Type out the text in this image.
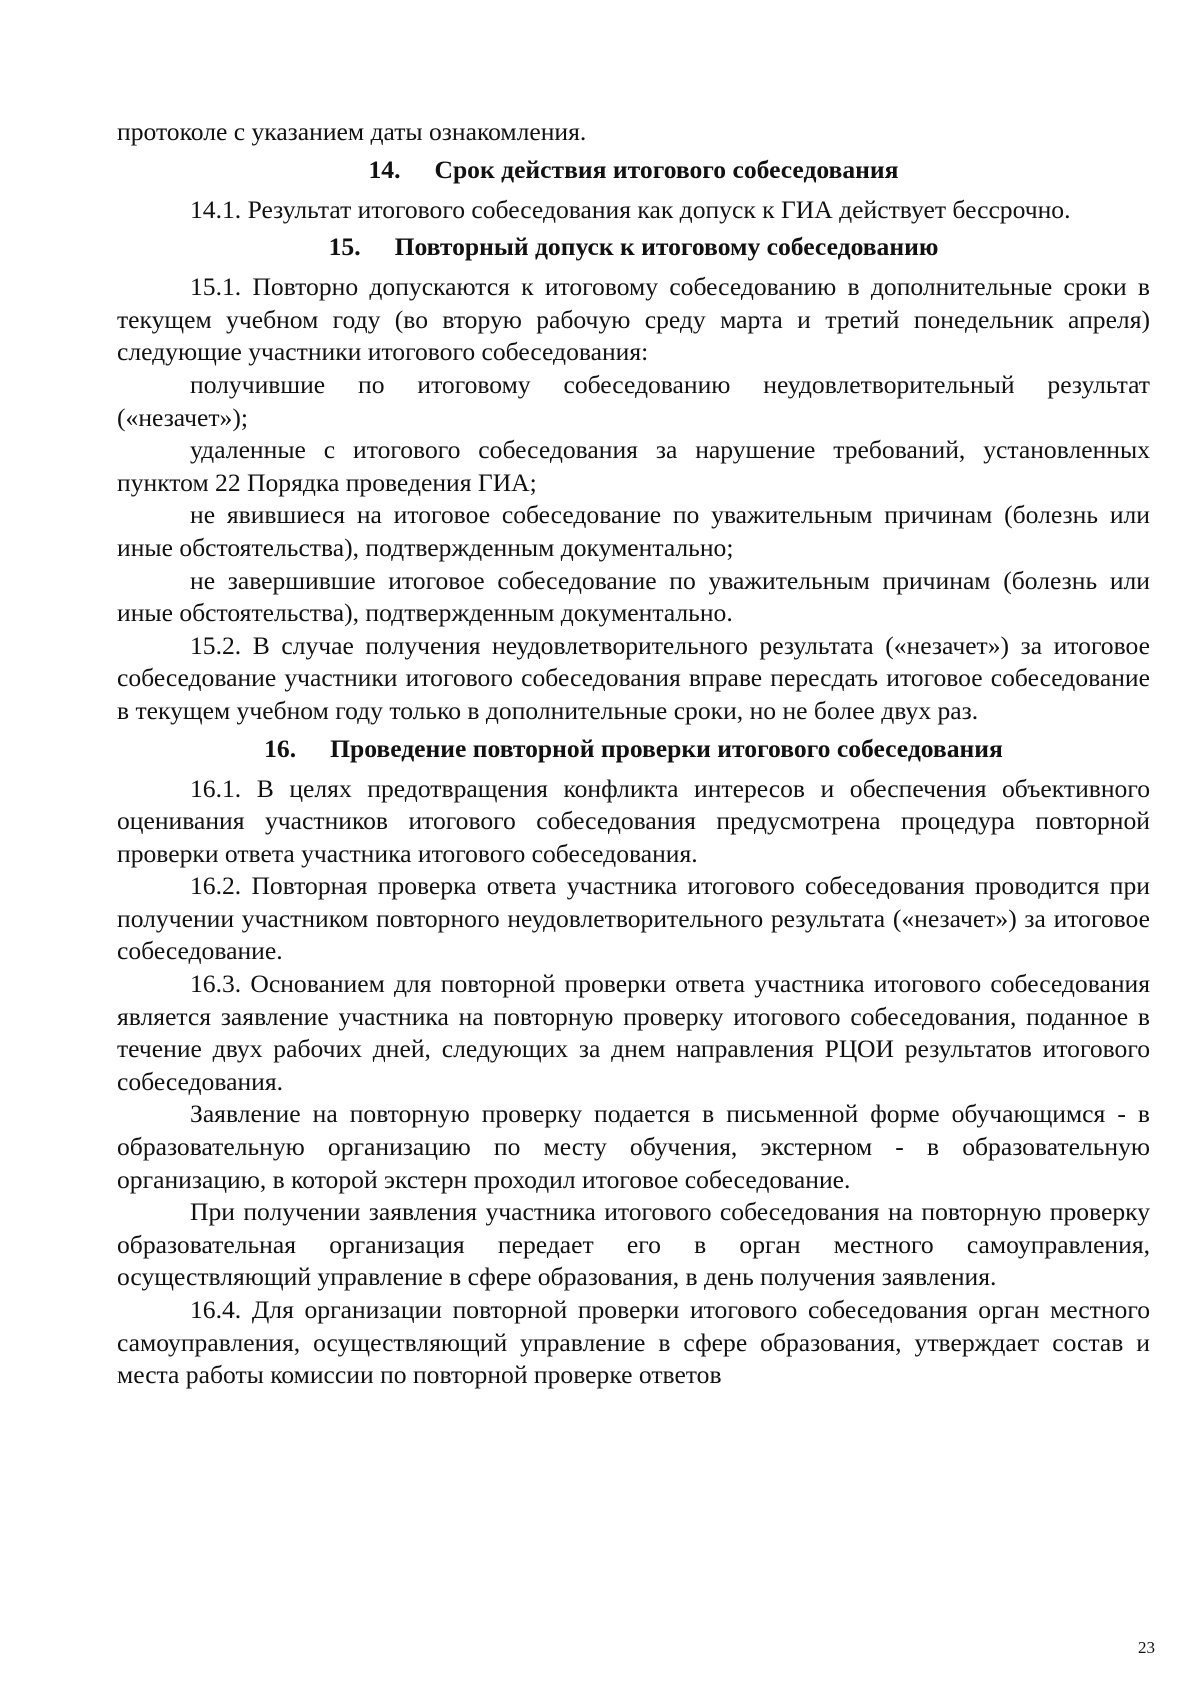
протоколе с указанием даты ознакомления.

14. Срок действия итогового собеседования

14.1. Результат итогового собеседования как допуск к ГИА действует бессрочно.

15. Повторный допуск к итоговому собеседованию

15.1. Повторно допускаются к итоговому собеседованию в дополнительные сроки в текущем учебном году (во вторую рабочую среду марта и третий понедельник апреля) следующие участники итогового собеседования:

получившие по итоговому собеседованию неудовлетворительный результат («незачет»);

удаленные с итогового собеседования за нарушение требований, установленных пунктом 22 Порядка проведения ГИА;

не явившиеся на итоговое собеседование по уважительным причинам (болезнь или иные обстоятельства), подтвержденным документально;

не завершившие итоговое собеседование по уважительным причинам (болезнь или иные обстоятельства), подтвержденным документально.

15.2. В случае получения неудовлетворительного результата («незачет») за итоговое собеседование участники итогового собеседования вправе пересдать итоговое собеседование в текущем учебном году только в дополнительные сроки, но не более двух раз.

16. Проведение повторной проверки итогового собеседования

16.1. В целях предотвращения конфликта интересов и обеспечения объективного оценивания участников итогового собеседования предусмотрена процедура повторной проверки ответа участника итогового собеседования.

16.2. Повторная проверка ответа участника итогового собеседования проводится при получении участником повторного неудовлетворительного результата («незачет») за итоговое собеседование.

16.3. Основанием для повторной проверки ответа участника итогового собеседования является заявление участника на повторную проверку итогового собеседования, поданное в течение двух рабочих дней, следующих за днем направления РЦОИ результатов итогового собеседования.

Заявление на повторную проверку подается в письменной форме обучающимся - в образовательную организацию по месту обучения, экстерном - в образовательную организацию, в которой экстерн проходил итоговое собеседование.

При получении заявления участника итогового собеседования на повторную проверку образовательная организация передает его в орган местного самоуправления, осуществляющий управление в сфере образования, в день получения заявления.

16.4. Для организации повторной проверки итогового собеседования орган местного самоуправления, осуществляющий управление в сфере образования, утверждает состав и места работы комиссии по повторной проверке ответов

23
